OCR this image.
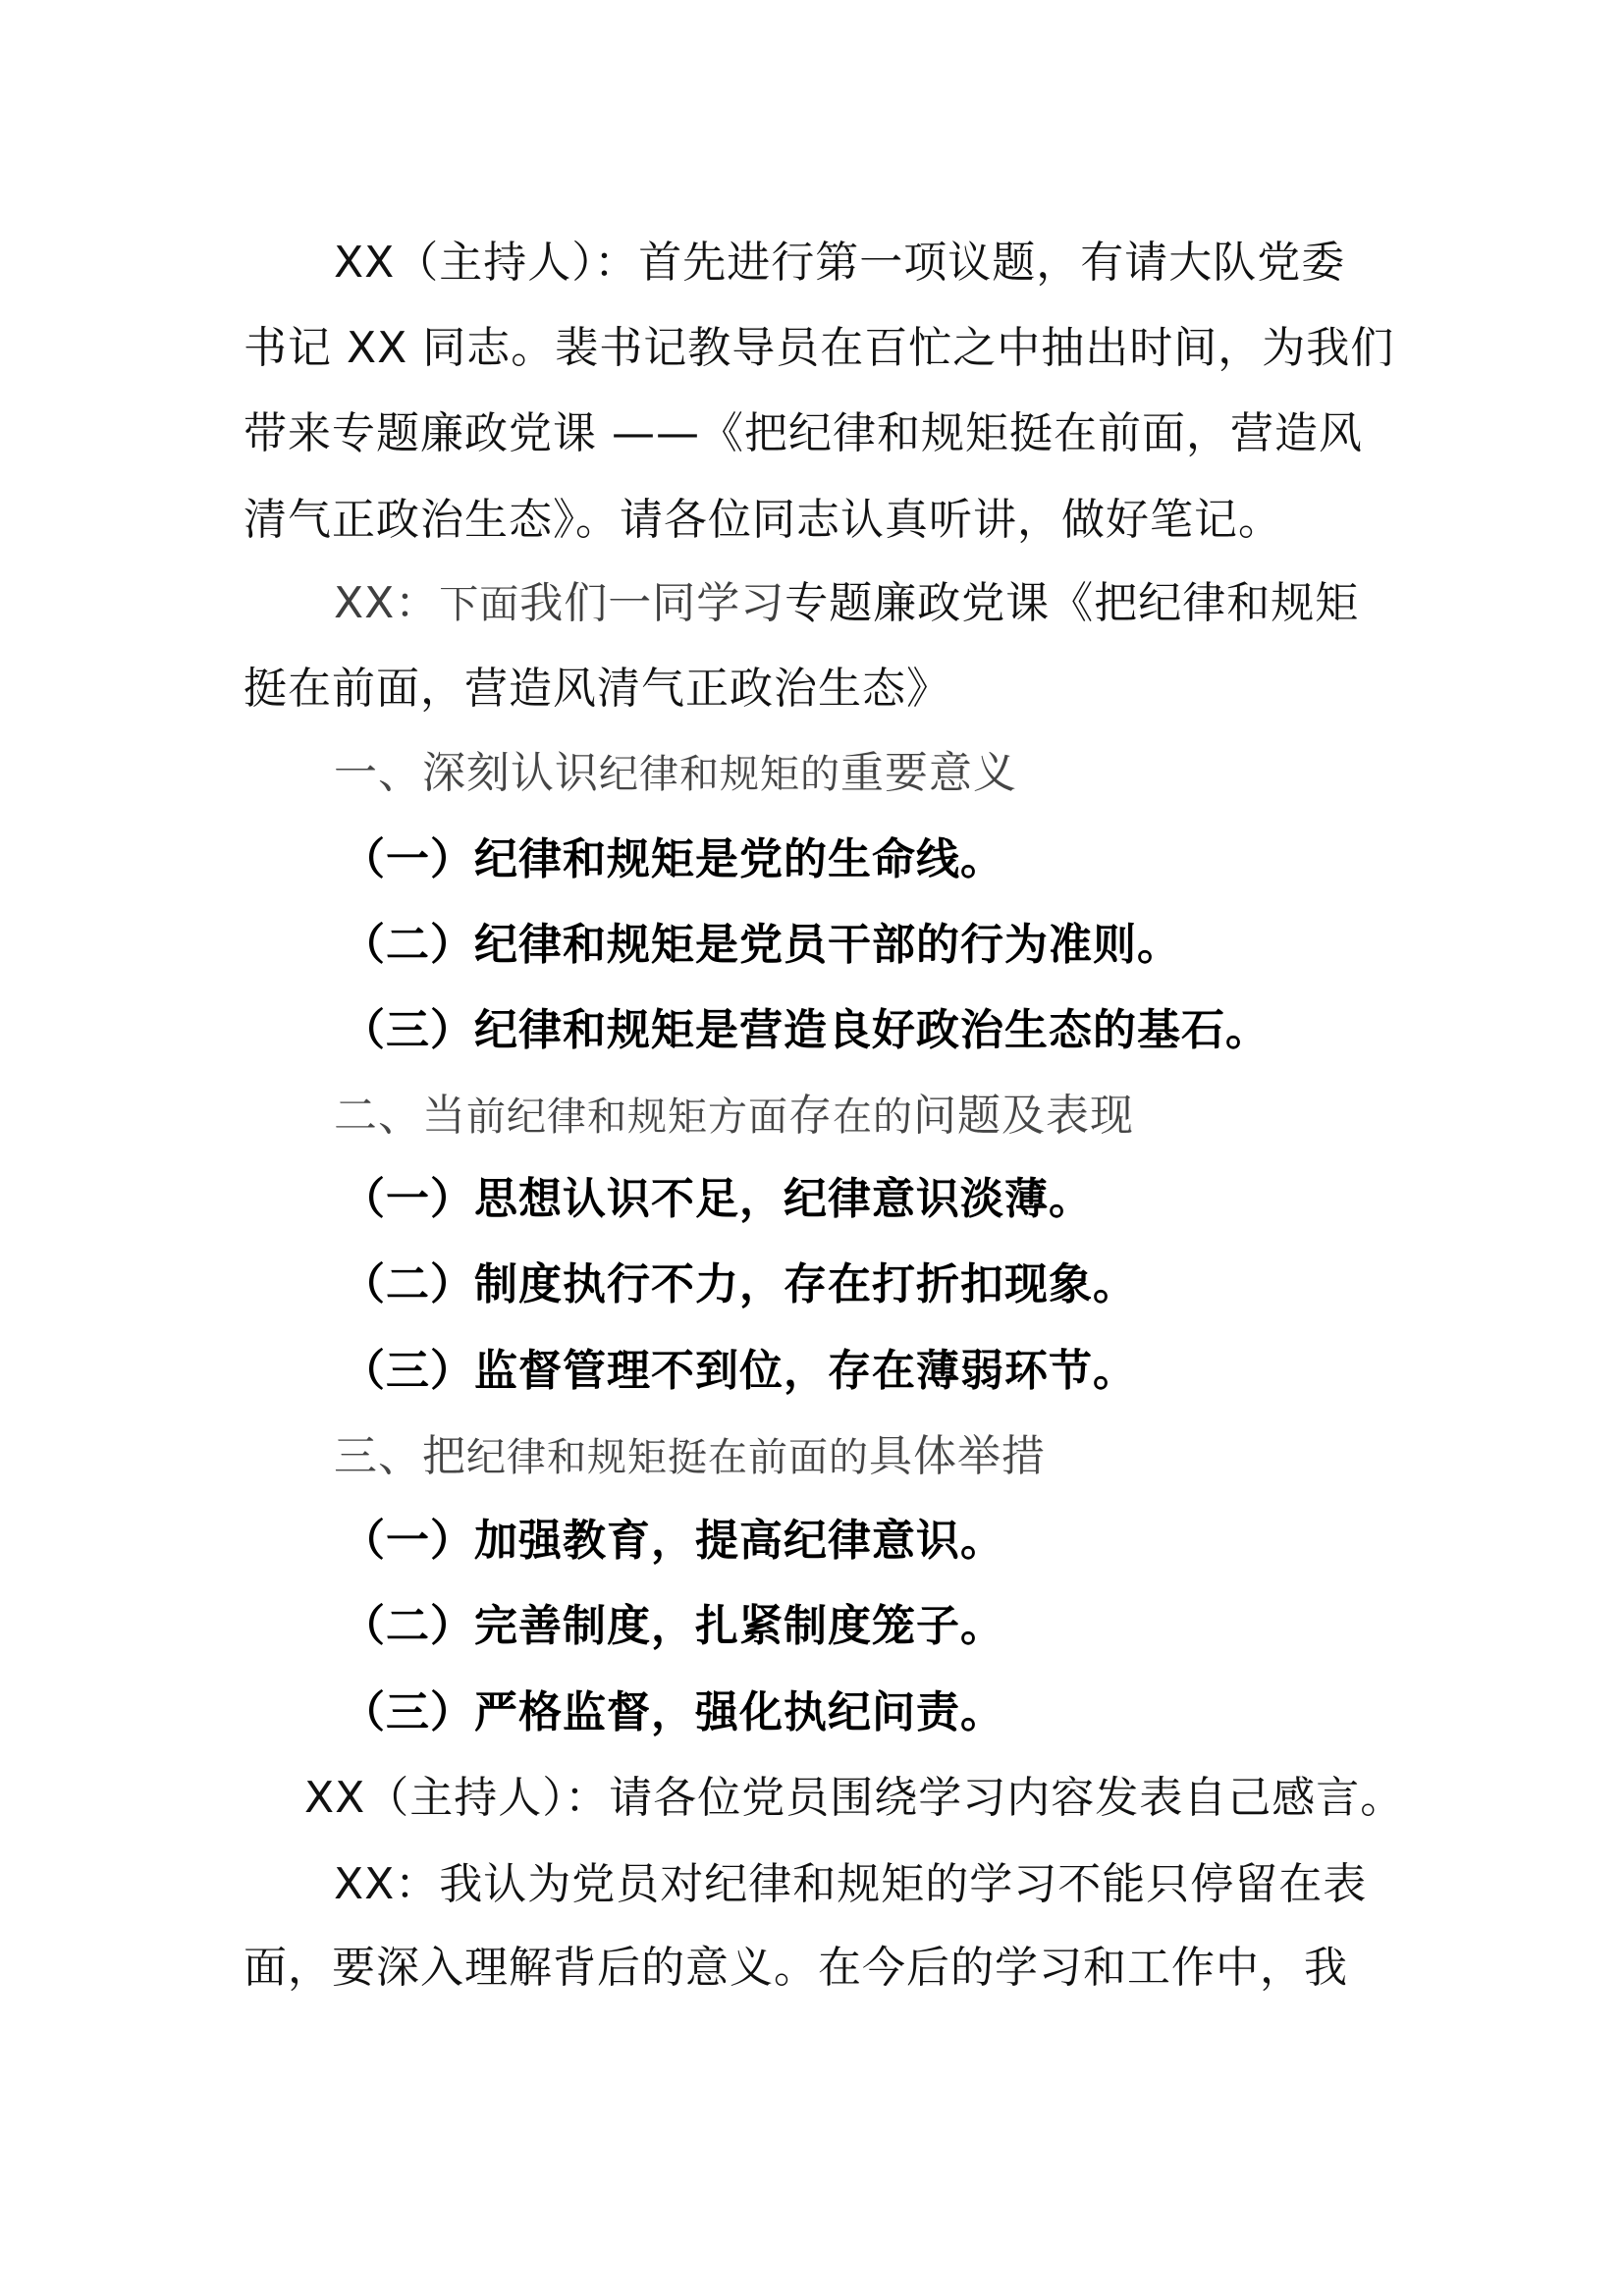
XX（主持人）：首先进行第一项议题，有请大队党委
书记 XX 同志。裴书记教导员在百忙之中抽出时间，为我们
带来专题廉政党课 ——《把纪律和规矩挺在前面，营造风
清气正政治生态》。请各位同志认真听讲，做好笔记。
XX：下面我们一同学习专题廉政党课《把纪律和规矩
挺在前面，营造风清气正政治生态》
一、深刻认识纪律和规矩的重要意义
（一）纪律和规矩是党的生命线。
（二）纪律和规矩是党员干部的行为准则。
（三）纪律和规矩是营造良好政治生态的基石。
二、当前纪律和规矩方面存在的问题及表现
（一）思想认识不足，纪律意识淡薄。
（二）制度执行不力，存在打折扣现象。
（三）监督管理不到位，存在薄弱环节。
三、把纪律和规矩挺在前面的具体举措
（一）加强教育，提高纪律意识。
（二）完善制度，扎紧制度笼子。
（三）严格监督，强化执纪问责。
XX（主持人）：请各位党员围绕学习内容发表自己感言。
XX：我认为党员对纪律和规矩的学习不能只停留在表
面，要深入理解背后的意义。在今后的学习和工作中，我
